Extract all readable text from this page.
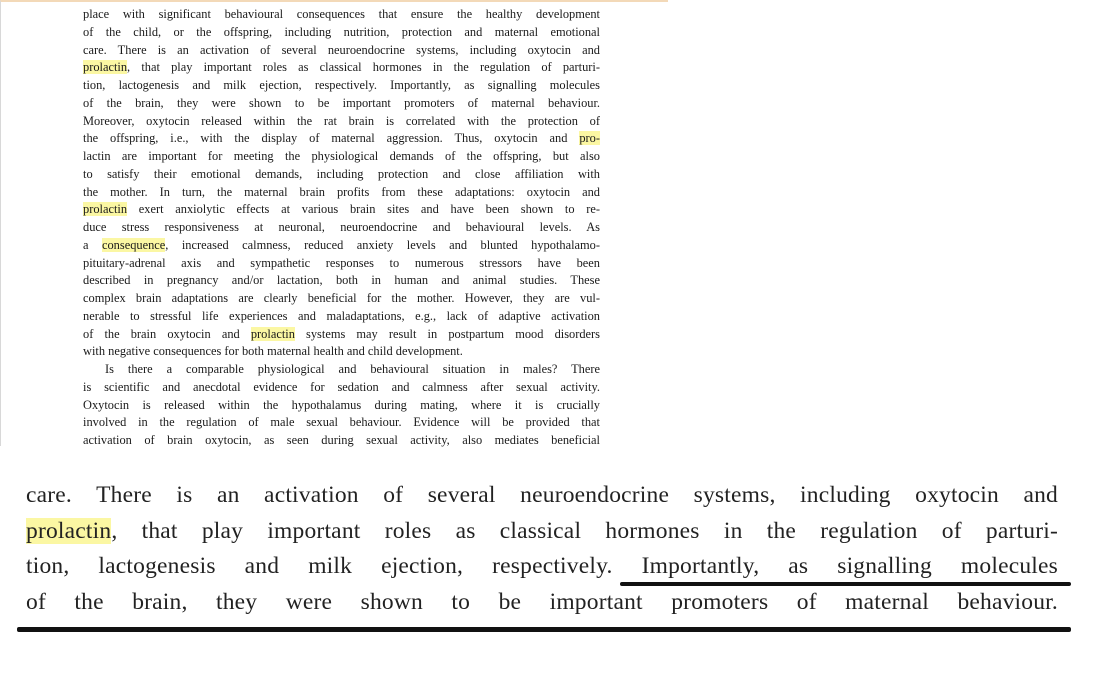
place with significant behavioural consequences that ensure the healthy development
of the child, or the offspring, including nutrition, protection and maternal emotional
care. There is an activation of several neuroendocrine systems, including oxytocin and
prolactin, that play important roles as classical hormones in the regulation of parturi-
tion, lactogenesis and milk ejection, respectively. Importantly, as signalling molecules
of the brain, they were shown to be important promoters of maternal behaviour.
Moreover, oxytocin released within the rat brain is correlated with the protection of
the offspring, i.e., with the display of maternal aggression. Thus, oxytocin and pro-
lactin are important for meeting the physiological demands of the offspring, but also
to satisfy their emotional demands, including protection and close affiliation with
the mother. In turn, the maternal brain profits from these adaptations: oxytocin and
prolactin exert anxiolytic effects at various brain sites and have been shown to re-
duce stress responsiveness at neuronal, neuroendocrine and behavioural levels. As
a consequence, increased calmness, reduced anxiety levels and blunted hypothalamo-
pituitary-adrenal axis and sympathetic responses to numerous stressors have been
described in pregnancy and/or lactation, both in human and animal studies. These
complex brain adaptations are clearly beneficial for the mother. However, they are vul-
nerable to stressful life experiences and maladaptations, e.g., lack of adaptive activation
of the brain oxytocin and prolactin systems may result in postpartum mood disorders
with negative consequences for both maternal health and child development.
Is there a comparable physiological and behavioural situation in males? There
is scientific and anecdotal evidence for sedation and calmness after sexual activity.
Oxytocin is released within the hypothalamus during mating, where it is crucially
involved in the regulation of male sexual behaviour. Evidence will be provided that
activation of brain oxytocin, as seen during sexual activity, also mediates beneficial
care. There is an activation of several neuroendocrine systems, including oxytocin and
prolactin, that play important roles as classical hormones in the regulation of parturi-
tion, lactogenesis and milk ejection, respectively. Importantly, as signalling molecules
of the brain, they were shown to be important promoters of maternal behaviour.
